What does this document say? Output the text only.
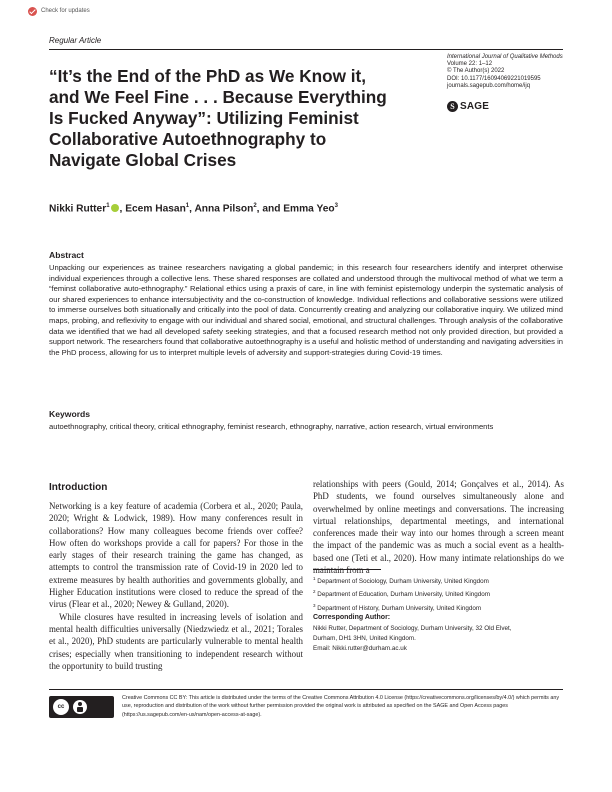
Check for updates
Regular Article
“It’s the End of the PhD as We Know it, and We Feel Fine . . . Because Everything Is Fucked Anyway”: Utilizing Feminist Collaborative Autoethnography to Navigate Global Crises
International Journal of Qualitative Methods
Volume 22: 1–12
© The Author(s) 2022
DOI: 10.1177/16094069221019595
journals.sagepub.com/home/ijq
S SAGE
Nikki Rutter$^1$ , Ecem Hasan$^1$, Anna Pilson$^2$, and Emma Yeo$^3$
Abstract

Unpacking our experiences as trainee researchers navigating a global pandemic; in this research four researchers identify and interpret otherwise individual experiences through a collective lens. These shared responses are collated and understood through the multivocal method of what we term a “feminst collaborative auto-ethnography.” Relational ethics using a praxis of care, in line with feminist epistemology underpin the systematic analysis of our shared experiences to enhance intersubjectivity and the co-construction of knowledge. Individual reflections and collaborative sessions were utilized to immerse ourselves both situationally and critically into the pool of data. Concurrently creating and analyzing our collaborative inquiry. We utilized mind maps, probing, and reflexivity to engage with our individual and shared social, emotional, and structural challenges. Through analysis of the collaborative data we identified that we had all developed safety seeking strategies, and that a focused research method not only provided direction, but provided a support network. The researchers found that collaborative autoethnography is a useful and holistic method of understanding and navigating adversities in the PhD process, allowing for us to interpret multiple levels of adversity and support-strategies during Covid-19 times.

Keywords

autoethnography, critical theory, critical ethnography, feminist research, ethnography, narrative, action research, virtual environments

Introduction

Networking is a key feature of academia (Corbera et al., 2020; Paula, 2020; Wright & Lodwick, 1989). How many conferences result in collaborations? How many colleagues become friends over coffee? How often do workshops provide a call for papers? For those in the early stages of their research training the game has changed, as attempts to control the transmission rate of Covid-19 in 2020 led to extreme measures by health authorities and governments globally, and Higher Education institutions were closed to reduce the spread of the virus (Flear et al., 2020; Newey & Gulland, 2020).

While closures have resulted in increasing levels of isolation and mental health difficulties universally (Niedzwiedz et al., 2021; Torales et al., 2020), PhD students are particularly vulnerable to mental health crises; especially when transitioning to independent research without the opportunity to build trusting

relationships with peers (Gould, 2014; Gonçalves et al., 2014). As PhD students, we found ourselves simultaneously alone and overwhelmed by online meetings and conversations. The increasing virtual relationships, departmental meetings, and international conferences made their way into our homes through a screen meant the impact of the pandemic was as much a social event as a health-based one (Teti et al., 2020). How many intimate relationships do we maintain from a

$^1$ Department of Sociology, Durham University, United Kingdom
$^2$ Department of Education, Durham University, United Kingdom
$^3$ Department of History, Durham University, United Kingdom
Corresponding Author:
Nikki Rutter, Department of Sociology, Durham University, 32 Old Elvet,
Durham, DH1 3HN, United Kingdom.
Email: Nikki.rutter@durham.ac.uk
cc

Creative Commons CC BY: This article is distributed under the terms of the Creative Commons Attribution 4.0 License (https://creativecommons.org/licenses/by/4.0/) which permits any use, reproduction and distribution of the work without further permission provided the original work is attributed as specified on the SAGE and Open Access pages (https://us.sagepub.com/en-us/nam/open-access-at-sage).
